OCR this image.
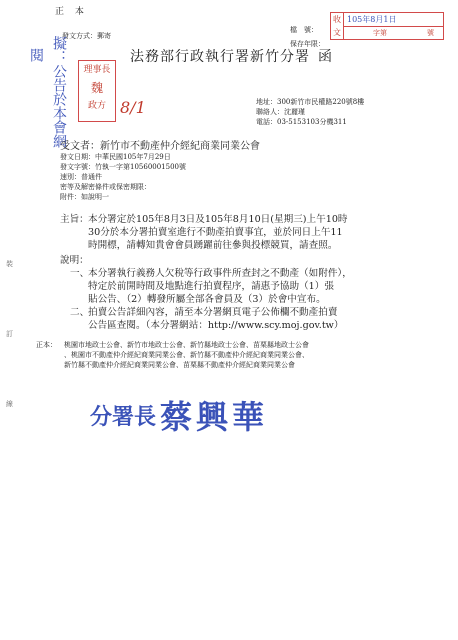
正 本
發文方式：郵寄
檔　號：
保存年限：
收
文
105年8月1日
字第	號
法務部行政執行署新竹分署 函
閱 擬：公告於本會網	理事長
魏
政方 8/1	地址：300新竹市民權路220號8樓
聯絡人：沈麗瑾
電話：03-5153103分機311
受文者： 新竹市不動產仲介經紀商業同業公會
發文日期：中華民國105年7月29日
發文字號：竹執一字第10560001500號
速別：普通件
密等及解密條件或保密期限：
附件：如說明一
主旨： 本分署定於105年8月3日及105年8月10日(星期三)上午10時
30分於本分署拍賣室進行不動產拍賣事宜，並於同日上午11
時開標，請轉知貴會會員踴躍前往參與投標競買，請查照。
說明：
一、
本分署執行義務人欠稅等行政事件所查封之不動產（如附件），
特定於前開時間及地點進行拍賣程序，請惠予協助（1）張
貼公告、（2）轉發所屬全部各會員及（3）於會中宣布。
二、
拍賣公告詳細內容，請至本分署網頁電子公佈欄不動產拍賣
公告區查閱。（本分署網站：http://www.scy.moj.gov.tw）
正本： 桃園市地政士公會、新竹市地政士公會、新竹縣地政士公會、苗栗縣地政士公會
、桃園市不動產仲介經紀商業同業公會、新竹縣不動產仲介經紀商業同業公會、
新竹縣不動產仲介經紀商業同業公會、苗栗縣不動產仲介經紀商業同業公會
裝
訂
線	分署長 蔡興華
